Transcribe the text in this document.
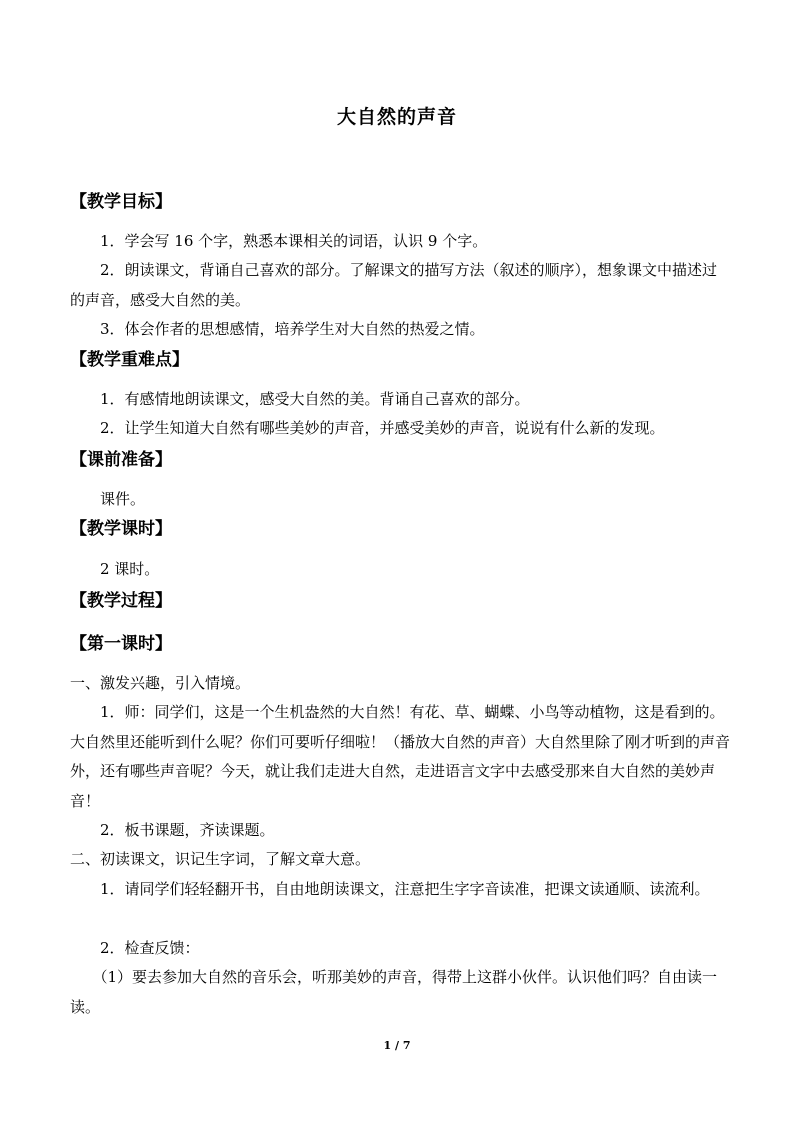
大自然的声音
【教学目标】
1．学会写 16 个字，熟悉本课相关的词语，认识 9 个字。
2．朗读课文，背诵自己喜欢的部分。了解课文的描写方法（叙述的顺序），想象课文中描述过的声音，感受大自然的美。
3．体会作者的思想感情，培养学生对大自然的热爱之情。
【教学重难点】
1．有感情地朗读课文，感受大自然的美。背诵自己喜欢的部分。
2．让学生知道大自然有哪些美妙的声音，并感受美妙的声音，说说有什么新的发现。
【课前准备】
课件。
【教学课时】
2 课时。
【教学过程】
【第一课时】
一、激发兴趣，引入情境。
1．师：同学们，这是一个生机盎然的大自然！有花、草、蝴蝶、小鸟等动植物，这是看到的。大自然里还能听到什么呢？你们可要听仔细啦！（播放大自然的声音）大自然里除了刚才听到的声音外，还有哪些声音呢？今天，就让我们走进大自然，走进语言文字中去感受那来自大自然的美妙声音！
2．板书课题，齐读课题。
二、初读课文，识记生字词，了解文章大意。
1．请同学们轻轻翻开书，自由地朗读课文，注意把生字字音读准，把课文读通顺、读流利。
2．检查反馈：
（1）要去参加大自然的音乐会，听那美妙的声音，得带上这群小伙伴。认识他们吗？自由读一读。
1 / 7
